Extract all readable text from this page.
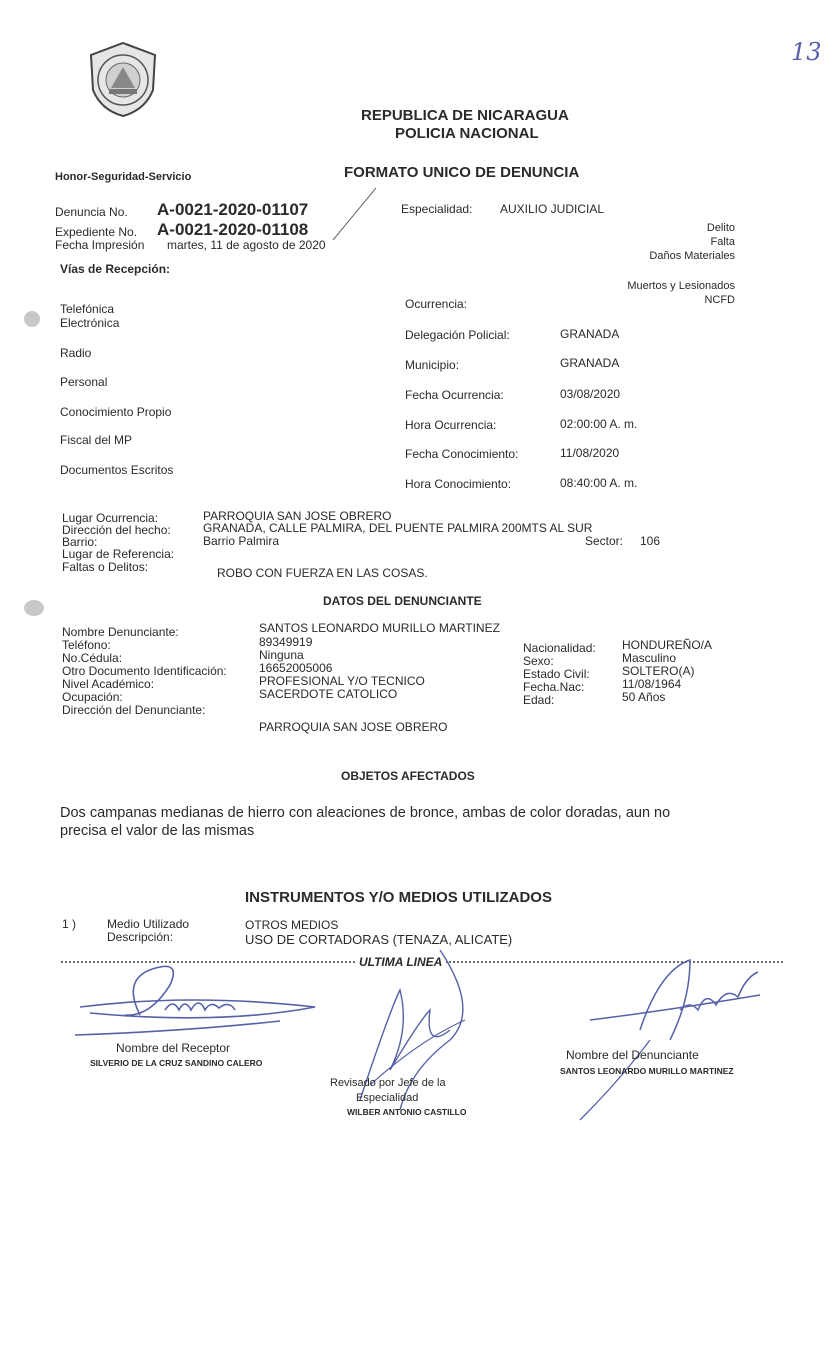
13
REPUBLICA DE NICARAGUA
POLICIA NACIONAL
Honor-Seguridad-Servicio	FORMATO UNICO DE DENUNCIA
Denuncia No. A-0021-2020-01107
Expediente No. A-0021-2020-01108
Fecha Impresión martes, 11 de agosto de 2020
Especialidad: AUXILIO JUDICIAL
Delito
Falta
Daños Materiales
Muertos y Lesionados
NCFD
Vías de Recepción:
Telefónica
Electrónica
Radio
Personal
Conocimiento Propio
Fiscal del MP
Documentos Escritos
Ocurrencia:
Delegación Policial:	GRANADA
Municipio:	GRANADA
Fecha Ocurrencia:	03/08/2020
Hora Ocurrencia:	02:00:00 A. m.
Fecha Conocimiento:	11/08/2020
Hora Conocimiento:	08:40:00 A. m.
Lugar Ocurrencia:	PARROQUIA SAN JOSE OBRERO
Dirección del hecho:	GRANADA, CALLE PALMIRA, DEL PUENTE PALMIRA 200MTS AL SUR
Barrio:	Barrio Palmira	Sector: 106
Lugar de Referencia:
Faltas o Delitos:	ROBO CON FUERZA EN LAS COSAS.
DATOS DEL DENUNCIANTE
Nombre Denunciante:	SANTOS LEONARDO MURILLO MARTINEZ
Teléfono:	89349919
No.Cédula:	Ninguna
Otro Documento Identificación:	16652005006
Nivel Académico:	PROFESIONAL Y/O TECNICO
Ocupación:	SACERDOTE CATOLICO
Dirección del Denunciante:
PARROQUIA SAN JOSE OBRERO
Nacionalidad: HONDUREÑO/A
Sexo:	Masculino
Estado Civil:	SOLTERO(A)
Fecha.Nac:	11/08/1964
Edad:	50 Años
OBJETOS AFECTADOS
Dos campanas medianas de hierro con aleaciones de bronce, ambas de color doradas, aun no
precisa el valor de las mismas
INSTRUMENTOS Y/O MEDIOS UTILIZADOS
1 )	Medio Utilizado	OTROS MEDIOS
Descripción:	USO DE CORTADORAS (TENAZA, ALICATE)
ULTIMA LINEA
Nombre del Receptor
SILVERIO DE LA CRUZ SANDINO CALERO
Revisado por Jefe de la
Especialidad
WILBER ANTONIO CASTILLO
Nombre del Denunciante
SANTOS LEONARDO MURILLO MARTINEZ
